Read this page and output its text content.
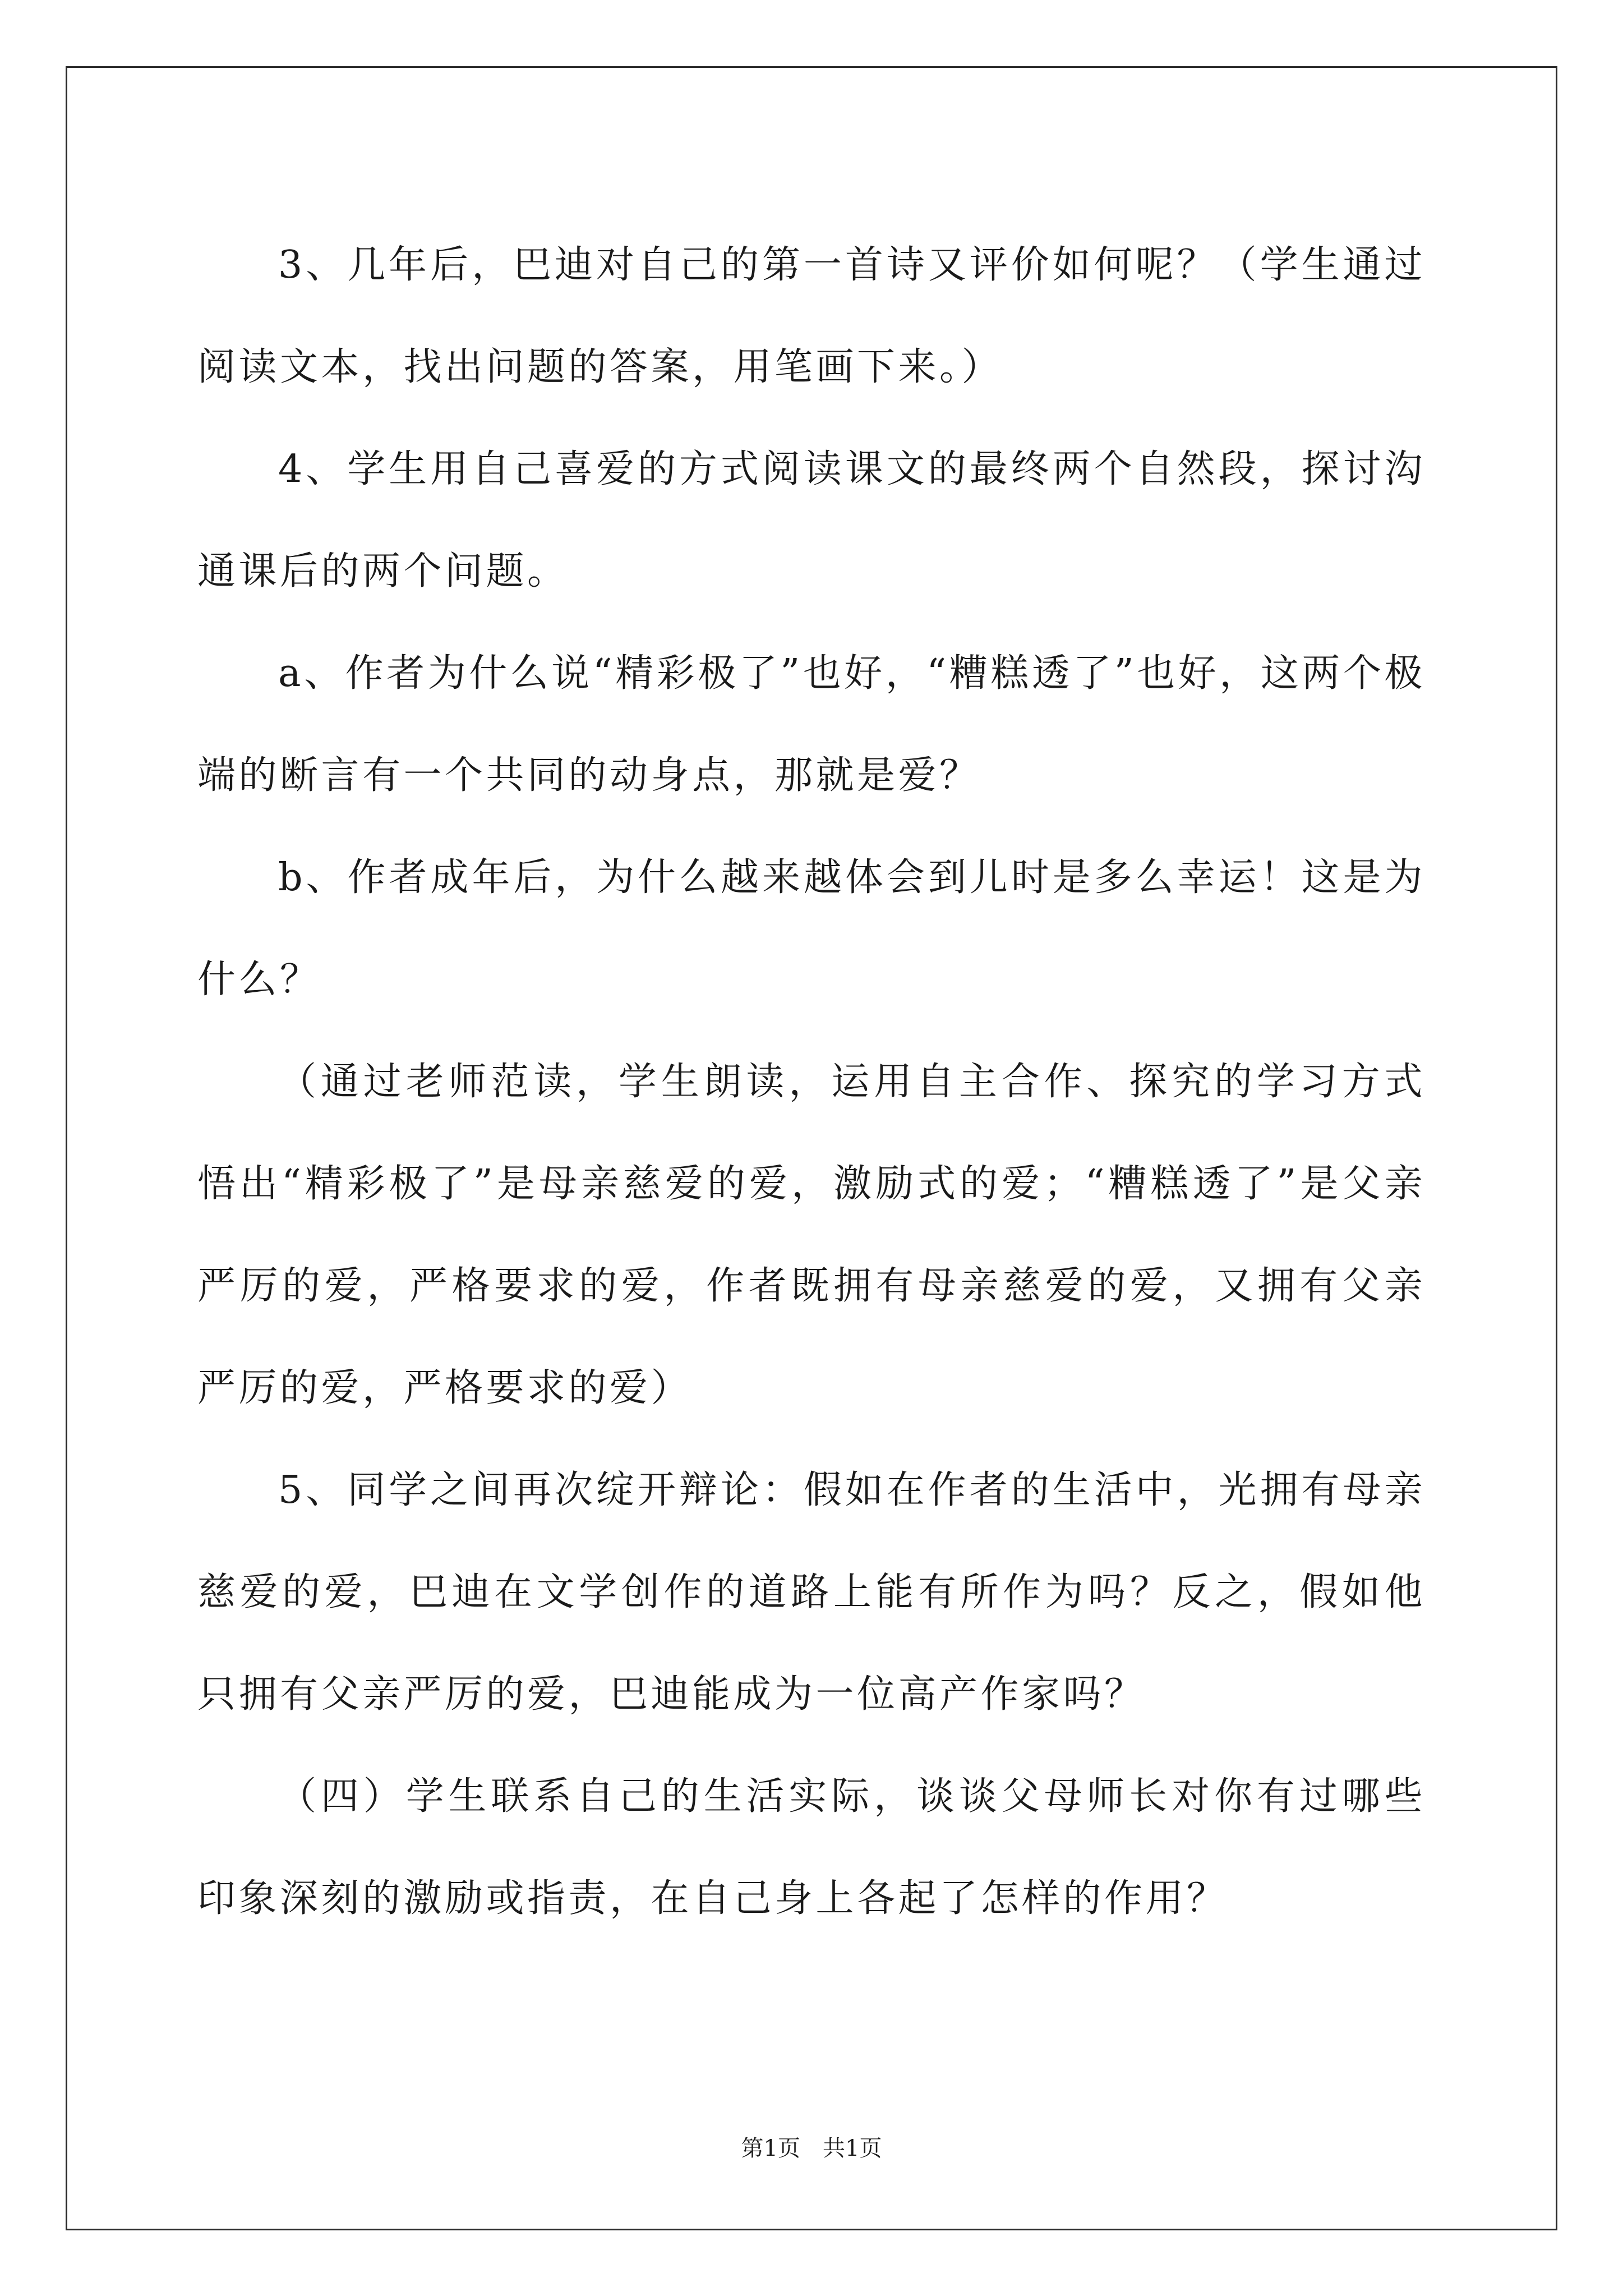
3、几年后，巴迪对自己的第一首诗又评价如何呢？（学生通过阅读文本，找出问题的答案，用笔画下来。）

4、学生用自己喜爱的方式阅读课文的最终两个自然段，探讨沟通课后的两个问题。

a、作者为什么说“精彩极了”也好，“糟糕透了”也好，这两个极端的断言有一个共同的动身点，那就是爱？

b、作者成年后，为什么越来越体会到儿时是多么幸运！这是为什么？

（通过老师范读，学生朗读，运用自主合作、探究的学习方式悟出“精彩极了”是母亲慈爱的爱，激励式的爱；“糟糕透了”是父亲严厉的爱，严格要求的爱，作者既拥有母亲慈爱的爱，又拥有父亲严厉的爱，严格要求的爱）

5、同学之间再次绽开辩论：假如在作者的生活中，光拥有母亲慈爱的爱，巴迪在文学创作的道路上能有所作为吗？反之，假如他只拥有父亲严厉的爱，巴迪能成为一位高产作家吗？

（四）学生联系自己的生活实际，谈谈父母师长对你有过哪些印象深刻的激励或指责，在自己身上各起了怎样的作用？

第1页　共1页
